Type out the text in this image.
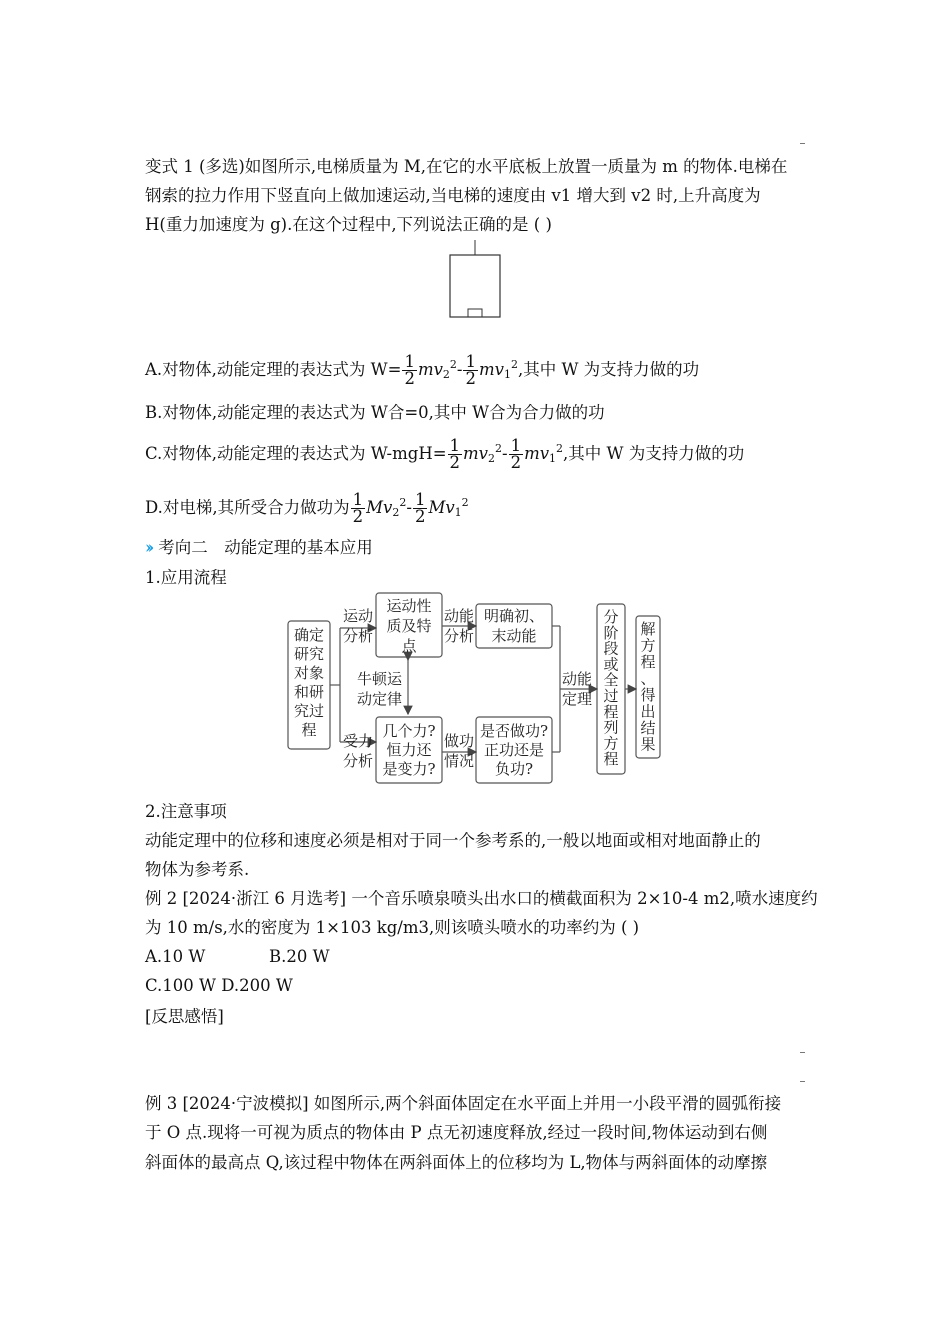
变式 1 (多选)如图所示,电梯质量为 M,在它的水平底板上放置一质量为 m 的物体.电梯在
钢索的拉力作用下竖直向上做加速运动,当电梯的速度由 v1 增大到 v2 时,上升高度为
H(重力加速度为 g).在这个过程中,下列说法正确的是 ( )
A.对物体,动能定理的表达式为 $W= \frac{1}{2} mv_2^2- \frac{1}{2} mv_1^2$,其中 W 为支持力做的功
B.对物体,动能定理的表达式为 W合=0,其中 W合为合力做的功
C.对物体,动能定理的表达式为 $W-mgH= \frac{1}{2} mv_2^2- \frac{1}{2} mv_1^2$,其中 W 为支持力做的功
D.对电梯,其所受合力做功为 $\frac{1}{2} Mv_2^2- \frac{1}{2} Mv_1^2$
›› 考向二　动能定理的基本应用
1.应用流程
确定
研究
对象
和研
究过
程
运动
分析
运动性
质及特
点
动能
分析
明确初、
末动能
牛顿运
动定律
受力
分析
几个力?
恒力还
是变力?
做功
情况
是否做功?
正功还是
负功?
动能
定理
分
阶
段
或
全
过
程
列
方
程
解
方
程
、
得
出
结
果
2.注意事项
动能定理中的位移和速度必须是相对于同一个参考系的,一般以地面或相对地面静止的
物体为参考系.
例 2 [2024·浙江 6 月选考] 一个音乐喷泉喷头出水口的横截面积为 2×10-4 m2,喷水速度约
为 10 m/s,水的密度为 1×103 kg/m3,则该喷头喷水的功率约为 ( )
A.10 W	B.20 W
C.100 W D.200 W
[反思感悟]
例 3 [2024·宁波模拟] 如图所示,两个斜面体固定在水平面上并用一小段平滑的圆弧衔接
于 O 点.现将一可视为质点的物体由 P 点无初速度释放,经过一段时间,物体运动到右侧
斜面体的最高点 Q,该过程中物体在两斜面体上的位移均为 L,物体与两斜面体的动摩擦
